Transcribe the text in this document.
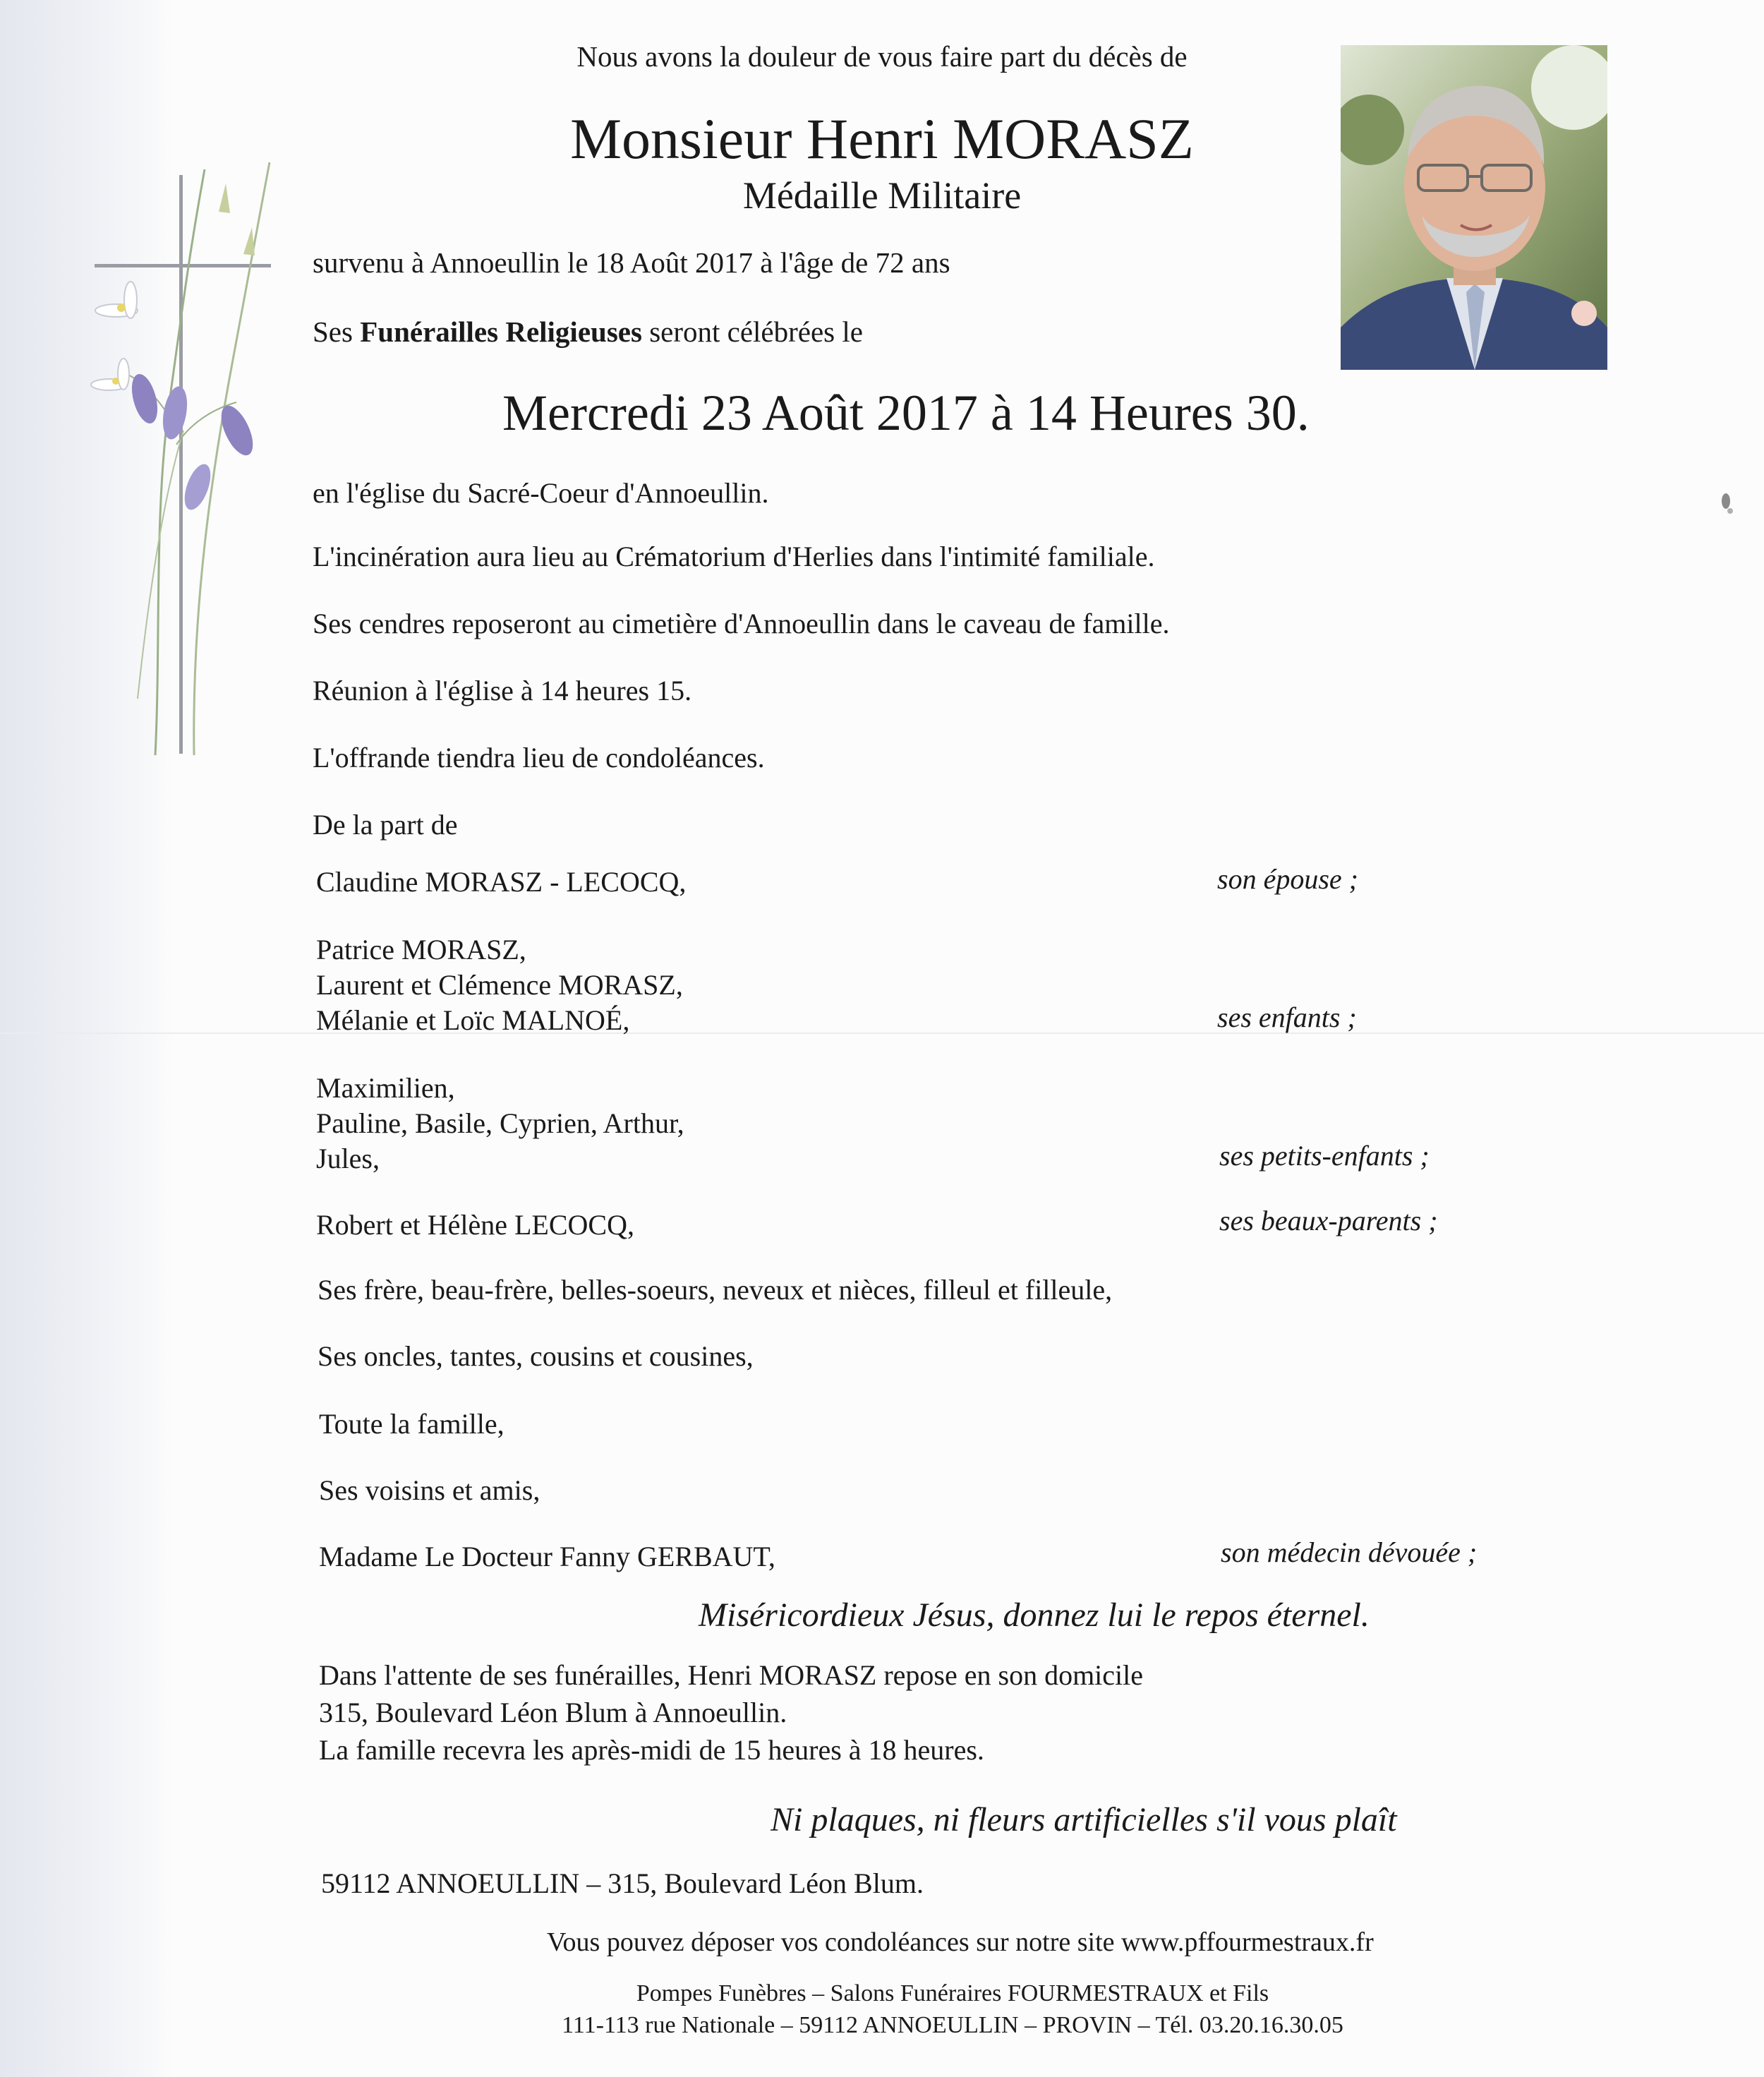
Nous avons la douleur de vous faire part du décès de
Monsieur Henri MORASZ
Médaille Militaire
survenu à Annoeullin le 18 Août 2017 à l'âge de 72 ans
Ses Funérailles Religieuses seront célébrées le
Mercredi 23 Août 2017 à 14 Heures 30.
en l'église du Sacré-Coeur d'Annoeullin.
L'incinération aura lieu au Crématorium d'Herlies dans l'intimité familiale.
Ses cendres reposeront au cimetière d'Annoeullin dans le caveau de famille.
Réunion à l'église à 14 heures 15.
L'offrande tiendra lieu de condoléances.
De la part de
Claudine MORASZ - LECOCQ,	son épouse ;
Patrice MORASZ,
Laurent et Clémence MORASZ,
Mélanie et Loïc MALNOÉ,	ses enfants ;
Maximilien,
Pauline, Basile, Cyprien, Arthur,
Jules,	ses petits-enfants ;
Robert et Hélène LECOCQ,	ses beaux-parents ;
Ses frère, beau-frère, belles-soeurs, neveux et nièces, filleul et filleule,
Ses oncles, tantes, cousins et cousines,
Toute la famille,
Ses voisins et amis,
Madame Le Docteur Fanny GERBAUT,	son médecin dévouée ;
Miséricordieux Jésus, donnez lui le repos éternel.
Dans l'attente de ses funérailles, Henri MORASZ repose en son domicile
315, Boulevard Léon Blum à Annoeullin.
La famille recevra les après-midi de 15 heures à 18 heures.
Ni plaques, ni fleurs artificielles s'il vous plaît
59112 ANNOEULLIN – 315, Boulevard Léon Blum.
Vous pouvez déposer vos condoléances sur notre site www.pffourmestraux.fr
Pompes Funèbres – Salons Funéraires FOURMESTRAUX et Fils
111-113 rue Nationale – 59112 ANNOEULLIN – PROVIN – Tél. 03.20.16.30.05
